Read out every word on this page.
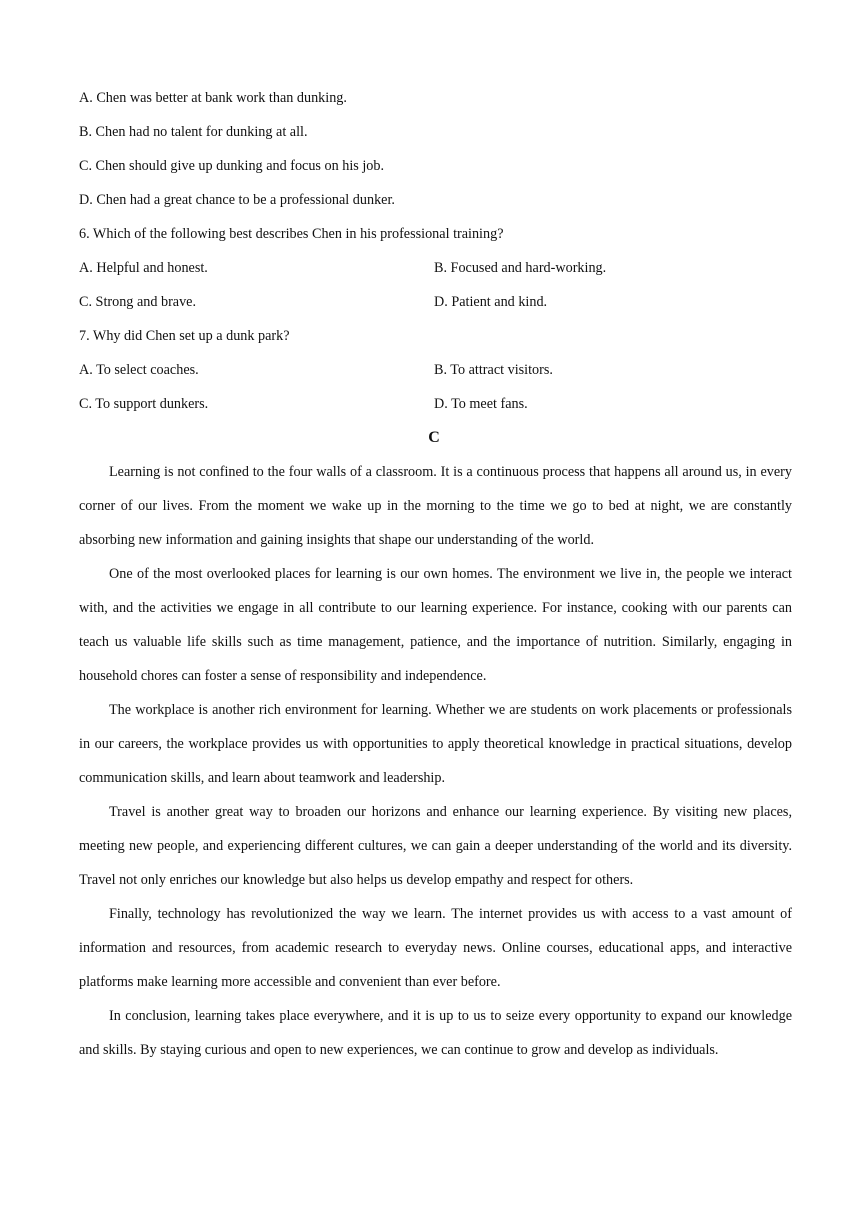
A. Chen was better at bank work than dunking.
B. Chen had no talent for dunking at all.
C. Chen should give up dunking and focus on his job.
D. Chen had a great chance to be a professional dunker.
6. Which of the following best describes Chen in his professional training?
A. Helpful and honest.	B. Focused and hard-working.
C. Strong and brave.	D. Patient and kind.
7. Why did Chen set up a dunk park?
A. To select coaches.	B. To attract visitors.
C. To support dunkers.	D. To meet fans.
C

Learning is not confined to the four walls of a classroom. It is a continuous process that happens all around us, in every corner of our lives. From the moment we wake up in the morning to the time we go to bed at night, we are constantly absorbing new information and gaining insights that shape our understanding of the world.

One of the most overlooked places for learning is our own homes. The environment we live in, the people we interact with, and the activities we engage in all contribute to our learning experience. For instance, cooking with our parents can teach us valuable life skills such as time management, patience, and the importance of nutrition. Similarly, engaging in household chores can foster a sense of responsibility and independence.

The workplace is another rich environment for learning. Whether we are students on work placements or professionals in our careers, the workplace provides us with opportunities to apply theoretical knowledge in practical situations, develop communication skills, and learn about teamwork and leadership.

Travel is another great way to broaden our horizons and enhance our learning experience. By visiting new places, meeting new people, and experiencing different cultures, we can gain a deeper understanding of the world and its diversity. Travel not only enriches our knowledge but also helps us develop empathy and respect for others.

Finally, technology has revolutionized the way we learn. The internet provides us with access to a vast amount of information and resources, from academic research to everyday news. Online courses, educational apps, and interactive platforms make learning more accessible and convenient than ever before.

In conclusion, learning takes place everywhere, and it is up to us to seize every opportunity to expand our knowledge and skills. By staying curious and open to new experiences, we can continue to grow and develop as individuals.
